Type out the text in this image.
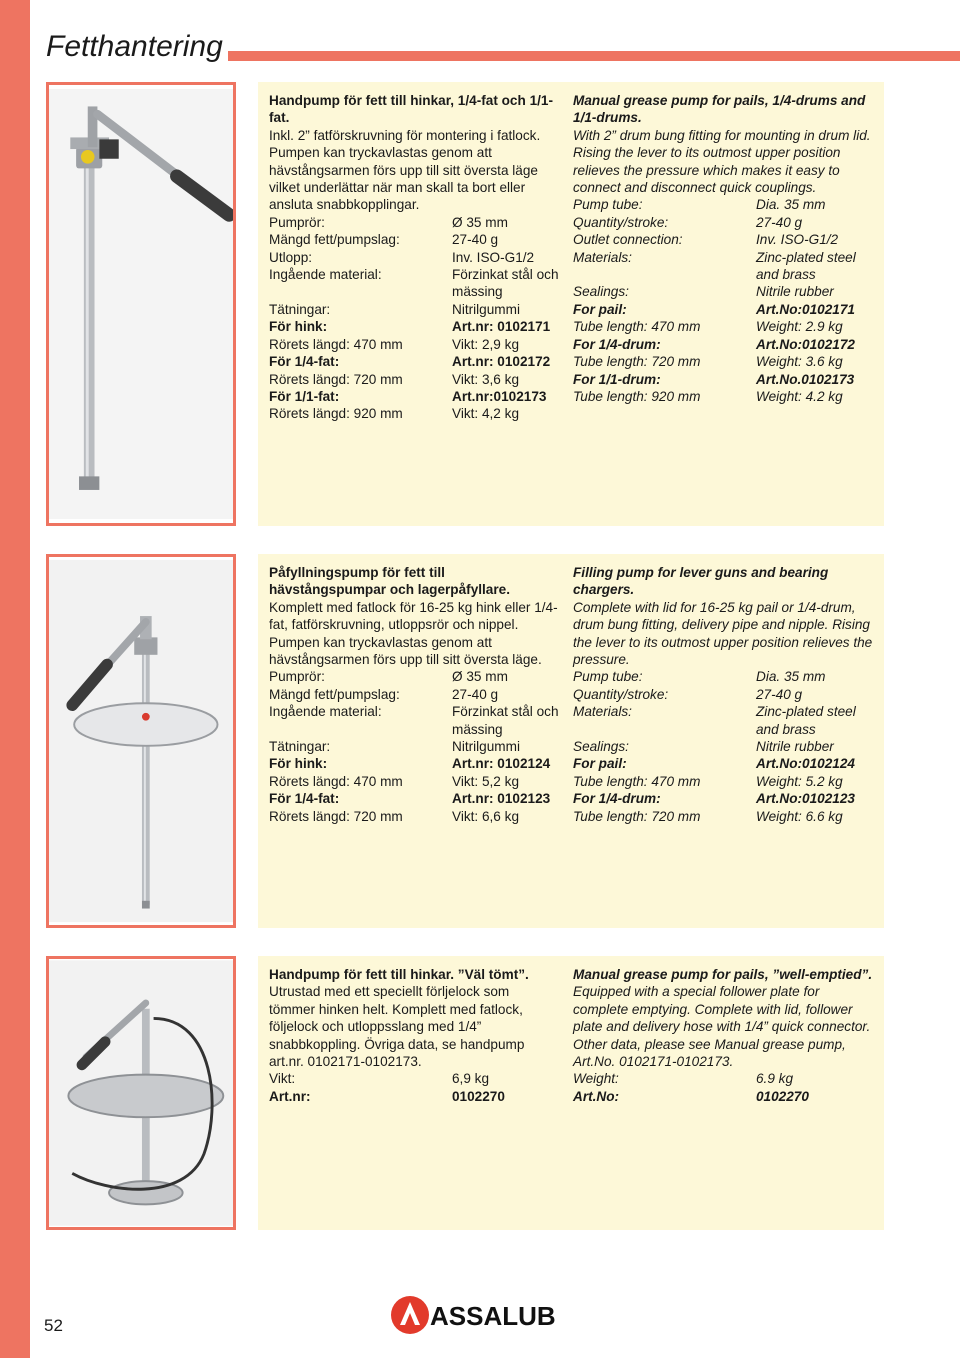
Fetthantering
Handpump för fett till hinkar, 1/4-fat och 1/1-fat.
Inkl. 2” fatförskruvning för montering i fatlock. Pumpen kan tryckavlastas genom att hävstångsarmen förs upp till sitt översta läge vilket underlättar när man skall ta bort eller ansluta snabbkopplingar.
Pumprör:	Ø 35 mm
Mängd fett/pumpslag:	27-40 g
Utlopp:	Inv. ISO-G1/2
Ingående material:	Förzinkat stål och mässing
Tätningar:	Nitrilgummi
För hink:	Art.nr: 0102171
Rörets längd: 470 mm	Vikt: 2,9 kg
För 1/4-fat:	Art.nr: 0102172
Rörets längd: 720 mm	Vikt: 3,6 kg
För 1/1-fat:	Art.nr:0102173
Rörets längd: 920 mm	Vikt: 4,2 kg
Manual grease pump for pails, 1/4-drums and 1/1-drums.
With 2” drum bung fitting for mounting in drum lid. Rising the lever to its outmost upper position relieves the pressure which makes it easy to connect and disconnect quick couplings.
Pump tube:	Dia. 35 mm
Quantity/stroke:	27-40 g
Outlet connection:	Inv. ISO-G1/2
Materials:	Zinc-plated steel and brass
Sealings:	Nitrile rubber
For pail:	Art.No:0102171
Tube length: 470 mm	Weight: 2.9 kg
For 1/4-drum:	Art.No:0102172
Tube length: 720 mm	Weight: 3.6 kg
For 1/1-drum:	Art.No.0102173
Tube length: 920 mm	Weight: 4.2 kg
Påfyllningspump för fett till hävstångspumpar och lagerpåfyllare.
Komplett med fatlock för 16-25 kg hink eller 1/4-fat, fatförskruvning, utloppsrör och nippel. Pumpen kan tryckavlastas genom att hävstångsarmen förs upp till sitt översta läge.
Pumprör:	Ø 35 mm
Mängd fett/pumpslag:	27-40 g
Ingående material:	Förzinkat stål och mässing
Tätningar:	Nitrilgummi
För hink:	Art.nr: 0102124
Rörets längd: 470 mm	Vikt: 5,2 kg
För 1/4-fat:	Art.nr: 0102123
Rörets längd: 720 mm	Vikt: 6,6 kg
Filling pump for lever guns and bearing chargers.
Complete with lid for 16-25 kg pail or 1/4-drum, drum bung fitting, delivery pipe and nipple. Rising the lever to its outmost upper position relieves the pressure.
Pump tube:	Dia. 35 mm
Quantity/stroke:	27-40 g
Materials:	Zinc-plated steel and brass
Sealings:	Nitrile rubber
For pail:	Art.No:0102124
Tube length: 470 mm	Weight: 5.2 kg
For 1/4-drum:	Art.No:0102123
Tube length: 720 mm	Weight: 6.6 kg
Handpump för fett till hinkar. ”Väl tömt”.
Utrustad med ett speciellt förljelock som tömmer hinken helt. Komplett med fatlock, följelock och utloppsslang med 1/4” snabbkoppling. Övriga data, se handpump art.nr. 0102171-0102173.
Vikt:	6,9 kg
Art.nr:	0102270
Manual grease pump for pails, ”well-emptied”.
Equipped with a special follower plate for complete emptying. Complete with lid, follower plate and delivery hose with 1/4” quick connector. Other data, please see Manual grease pump, Art.No. 0102171-0102173.
Weight:	6.9 kg
Art.No:	0102270
52	ASSALUB
